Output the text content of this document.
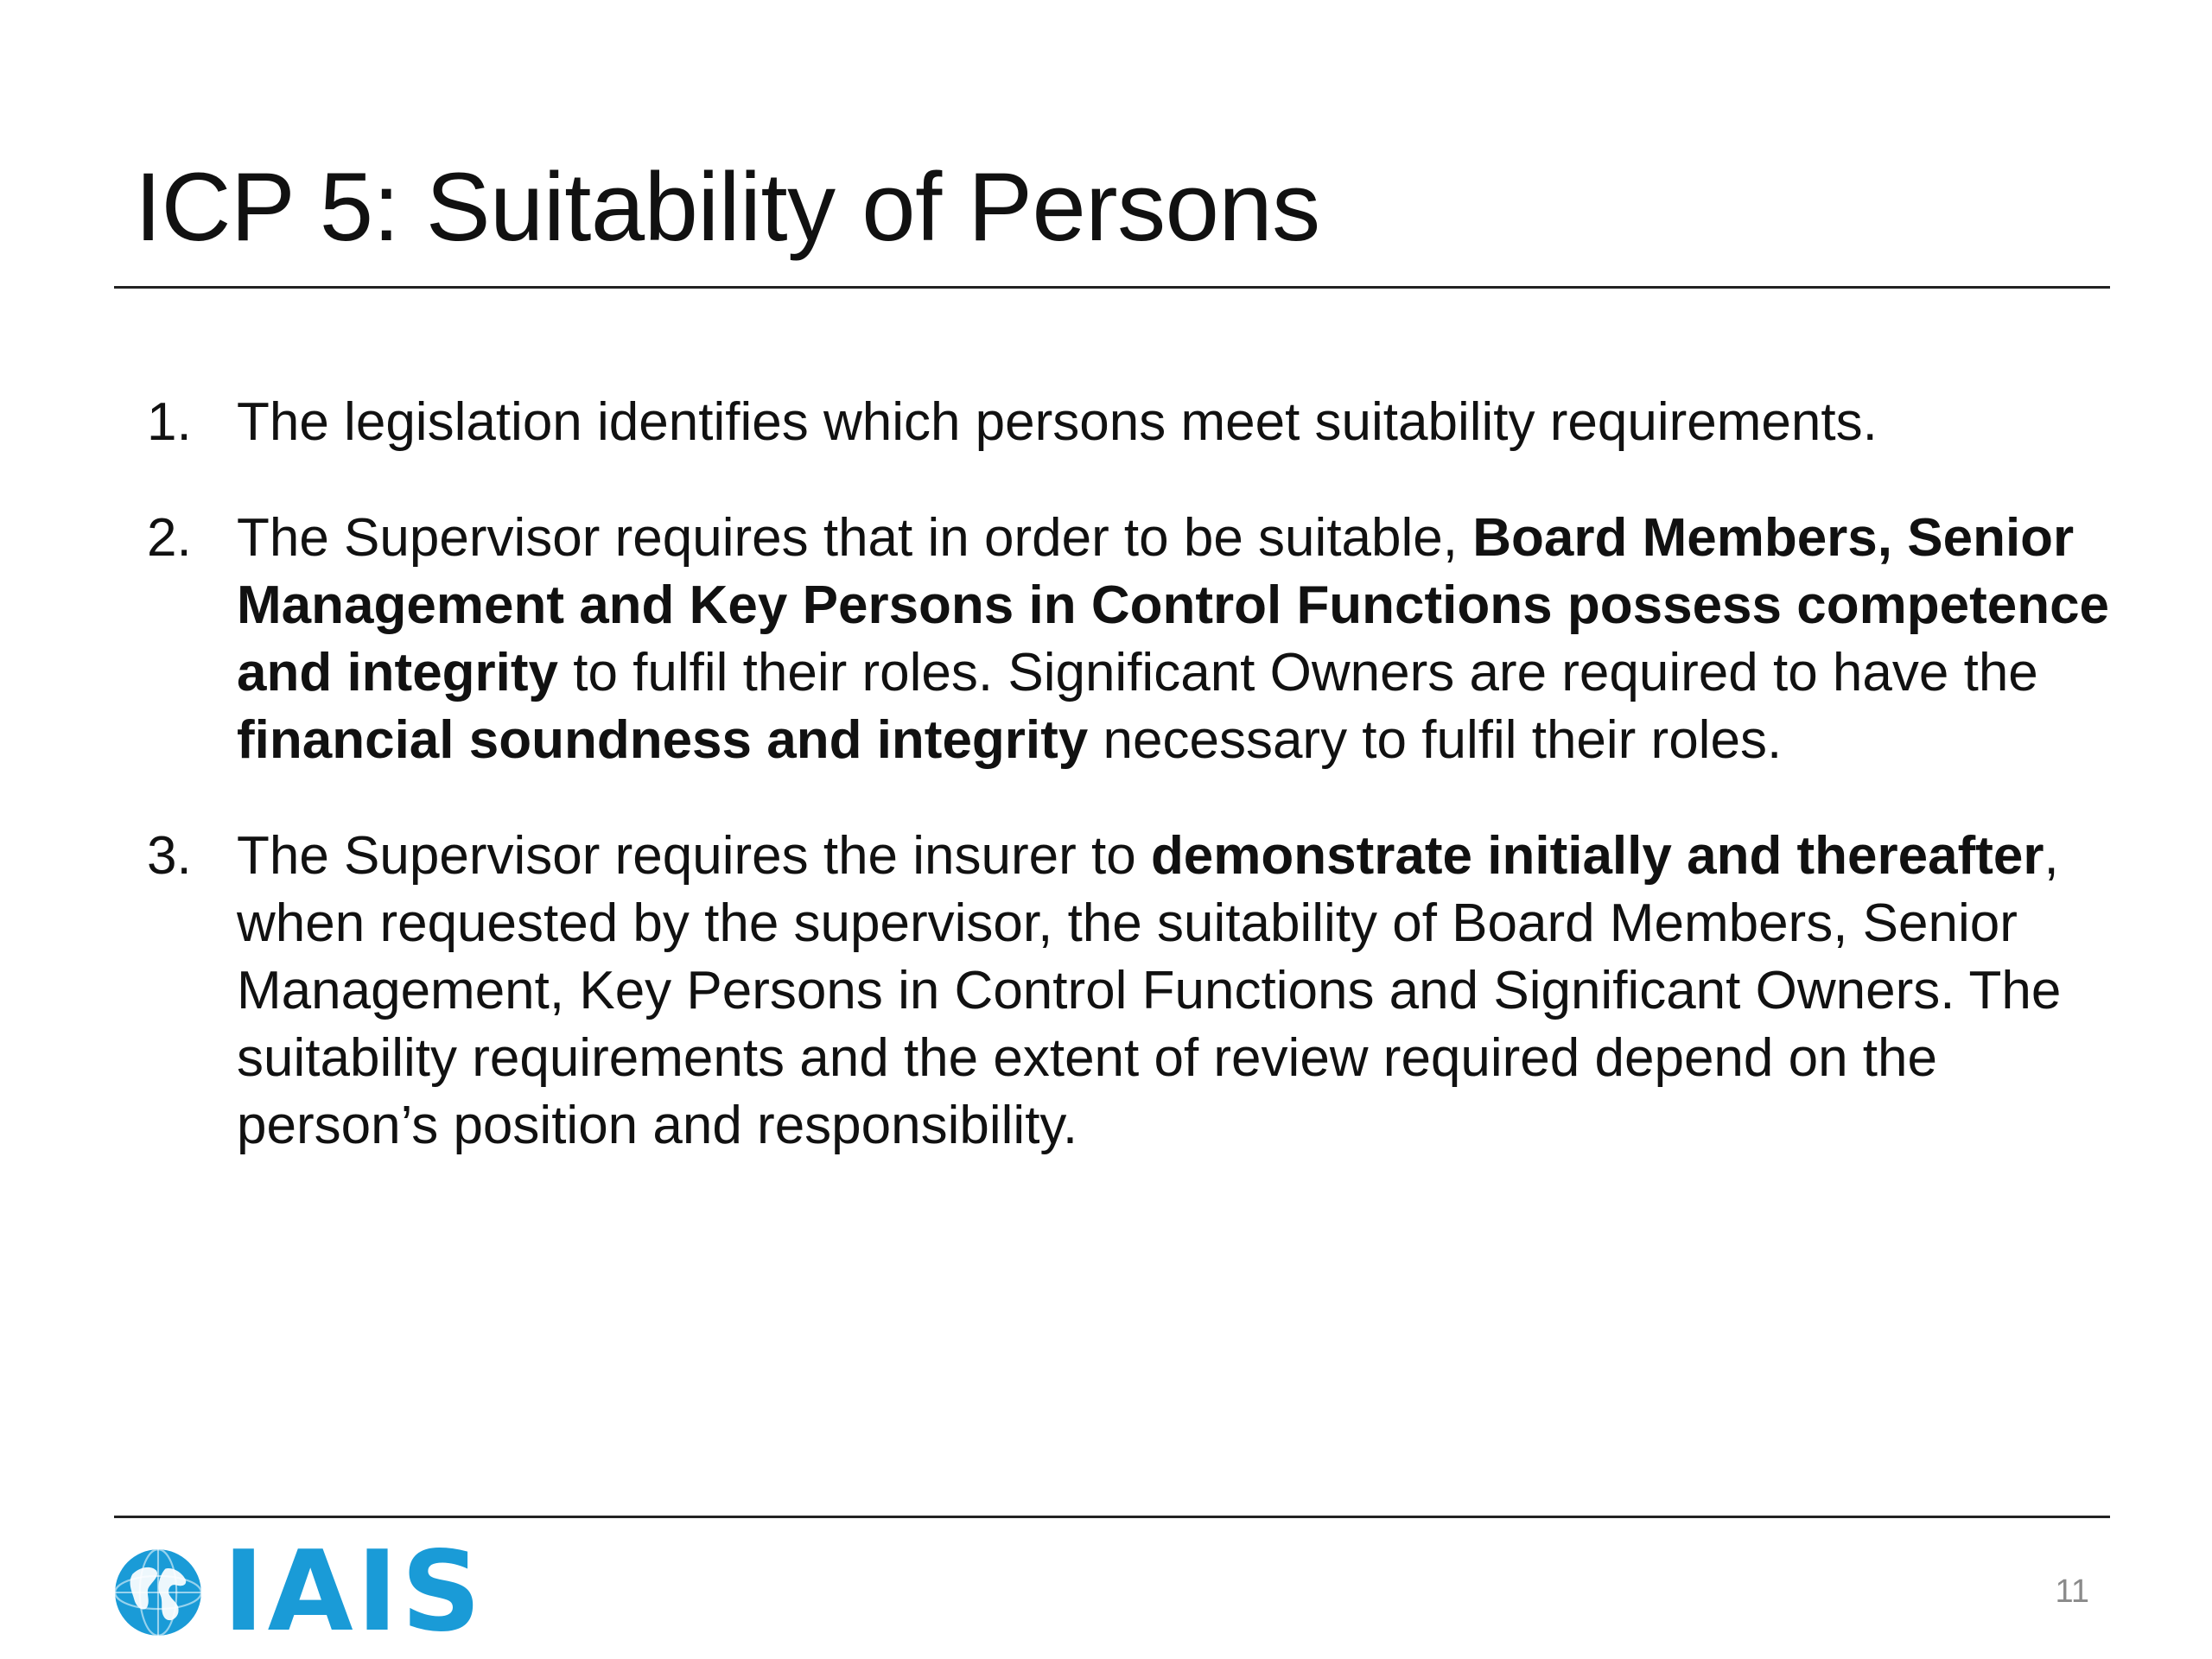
ICP 5: Suitability of Persons
1. The legislation identifies which persons meet suitability requirements.
2. The Supervisor requires that in order to be suitable, Board Members, Senior Management and Key Persons in Control Functions possess competence and integrity to fulfil their roles. Significant Owners are required to have the financial soundness and integrity necessary to fulfil their roles.
3. The Supervisor requires the insurer to demonstrate initially and thereafter, when requested by the supervisor, the suitability of Board Members, Senior Management, Key Persons in Control Functions and Significant Owners. The suitability requirements and the extent of review required depend on the person’s position and responsibility.
IAIS	11
